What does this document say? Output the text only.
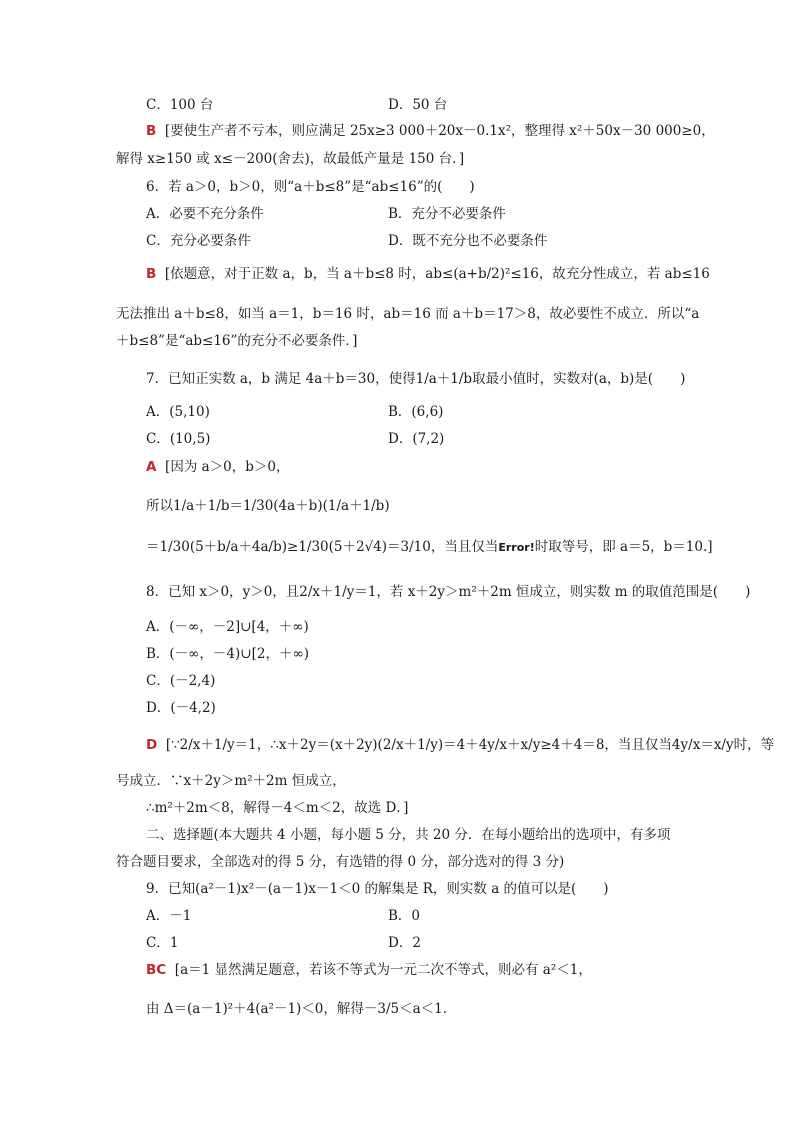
C．100 台	D．50 台
B [要使生产者不亏本，则应满足 25x≥3 000＋20x－0.1x²，整理得 x²＋50x－30 000≥0，
解得 x≥150 或 x≤－200(舍去)，故最低产量是 150 台．]
6．若 a＞0，b＞0，则“a＋b≤8”是“ab≤16”的(　　)
A．必要不充分条件	B．充分不必要条件
C．充分必要条件	D．既不充分也不必要条件
B [依题意，对于正数 a，b，当 a＋b≤8 时，ab≤(a+b/2)²≤16，故充分性成立，若 ab≤16
无法推出 a＋b≤8，如当 a＝1，b＝16 时，ab＝16 而 a＋b＝17＞8，故必要性不成立．所以“a
＋b≤8”是“ab≤16”的充分不必要条件．]
7．已知正实数 a，b 满足 4a＋b＝30，使得1/a＋1/b取最小值时，实数对(a，b)是(　　)
A．(5,10)	B．(6,6)
C．(10,5)	D．(7,2)
A [因为 a＞0，b＞0，
所以1/a＋1/b＝1/30(4a＋b)(1/a＋1/b)
＝1/30(5＋b/a＋4a/b)≥1/30(5＋2√4)＝3/10，当且仅当Error!时取等号，即 a＝5，b＝10.]
8．已知 x＞0，y＞0，且2/x＋1/y＝1，若 x＋2y＞m²＋2m 恒成立，则实数 m 的取值范围是(　　)
A．(－∞，－2]∪[4，＋∞)
B．(－∞，－4)∪[2，＋∞)
C．(－2,4)
D．(－4,2)
D [∵2/x＋1/y＝1，∴x＋2y＝(x＋2y)(2/x＋1/y)＝4＋4y/x＋x/y≥4＋4＝8，当且仅当4y/x＝x/y时，等
号成立．∵x＋2y＞m²＋2m 恒成立，
∴m²＋2m＜8，解得－4＜m＜2，故选 D．]
二、选择题(本大题共 4 小题，每小题 5 分，共 20 分．在每小题给出的选项中，有多项
符合题目要求，全部选对的得 5 分，有选错的得 0 分，部分选对的得 3 分)
9．已知(a²－1)x²－(a－1)x－1＜0 的解集是 R，则实数 a 的值可以是(　　)
A．－1	B．0
C．1	D．2
BC [a＝1 显然满足题意，若该不等式为一元二次不等式，则必有 a²＜1，
由 Δ＝(a－1)²＋4(a²－1)＜0，解得－3/5＜a＜1.
